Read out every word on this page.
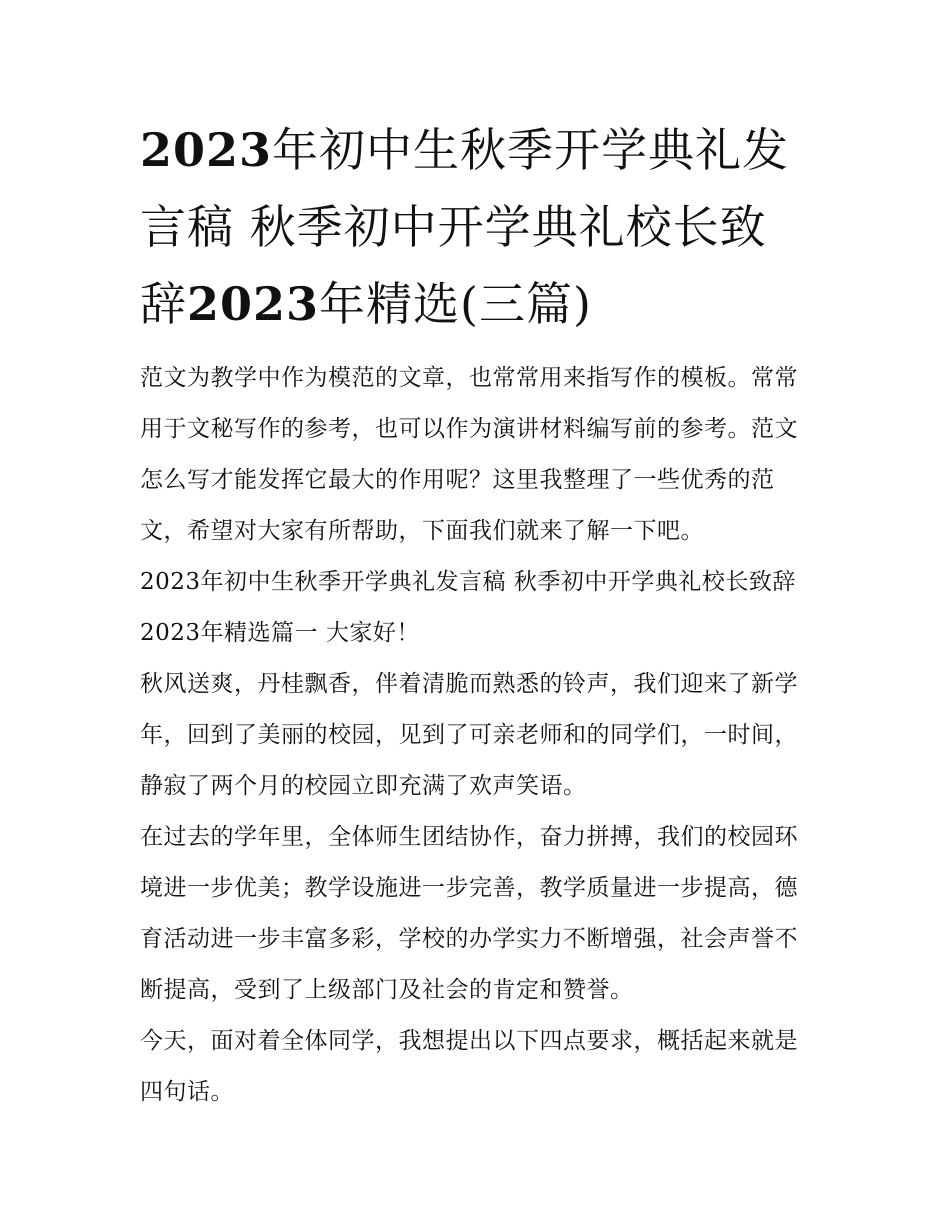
2023年初中生秋季开学典礼发言稿 秋季初中开学典礼校长致辞2023年精选(三篇)

范文为教学中作为模范的文章，也常常用来指写作的模板。常常用于文秘写作的参考，也可以作为演讲材料编写前的参考。范文怎么写才能发挥它最大的作用呢？这里我整理了一些优秀的范文，希望对大家有所帮助，下面我们就来了解一下吧。

2023年初中生秋季开学典礼发言稿 秋季初中开学典礼校长致辞2023年精选篇一 大家好！

秋风送爽，丹桂飘香，伴着清脆而熟悉的铃声，我们迎来了新学年，回到了美丽的校园，见到了可亲老师和的同学们，一时间，静寂了两个月的校园立即充满了欢声笑语。

在过去的学年里，全体师生团结协作，奋力拼搏，我们的校园环境进一步优美；教学设施进一步完善，教学质量进一步提高，德育活动进一步丰富多彩，学校的办学实力不断增强，社会声誉不断提高，受到了上级部门及社会的肯定和赞誉。

今天，面对着全体同学，我想提出以下四点要求，概括起来就是四句话。
